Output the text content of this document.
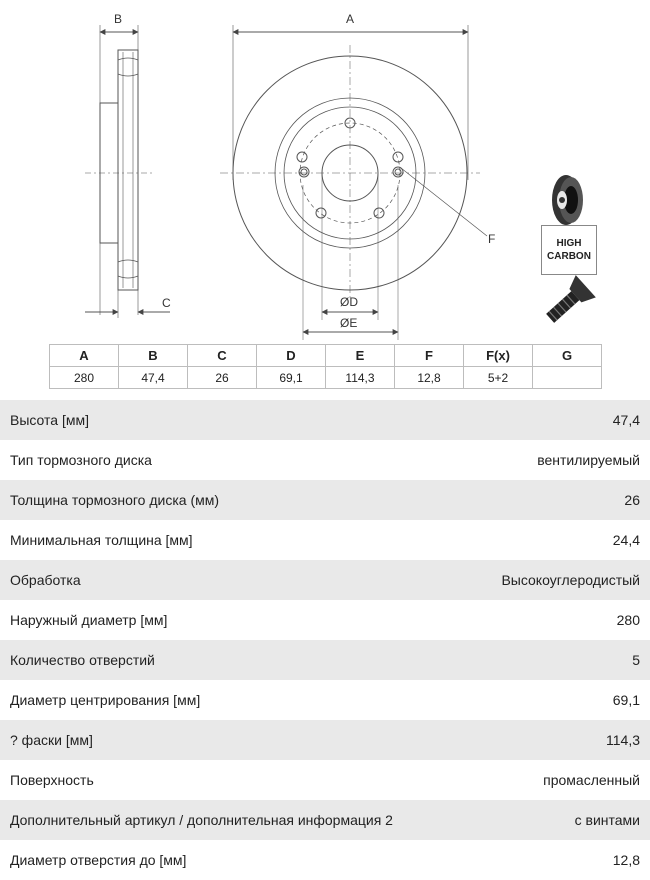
B
C
A
F
ØD
ØE
HIGH
CARBON
A	B	C	D	E	F	F(x)	G
280	47,4	26	69,1	114,3	12,8	5+2	
Высота [мм]	47,4
Тип тормозного диска	вентилируемый
Толщина тормозного диска (мм)	26
Минимальная толщина [мм]	24,4
Обработка	Высокоуглеродистый
Наружный диаметр [мм]	280
Количество отверстий	5
Диаметр центрирования [мм]	69,1
? фаски [мм]	114,3
Поверхность	промасленный
Дополнительный артикул / дополнительная информация 2	с винтами
Диаметр отверстия до [мм]	12,8
